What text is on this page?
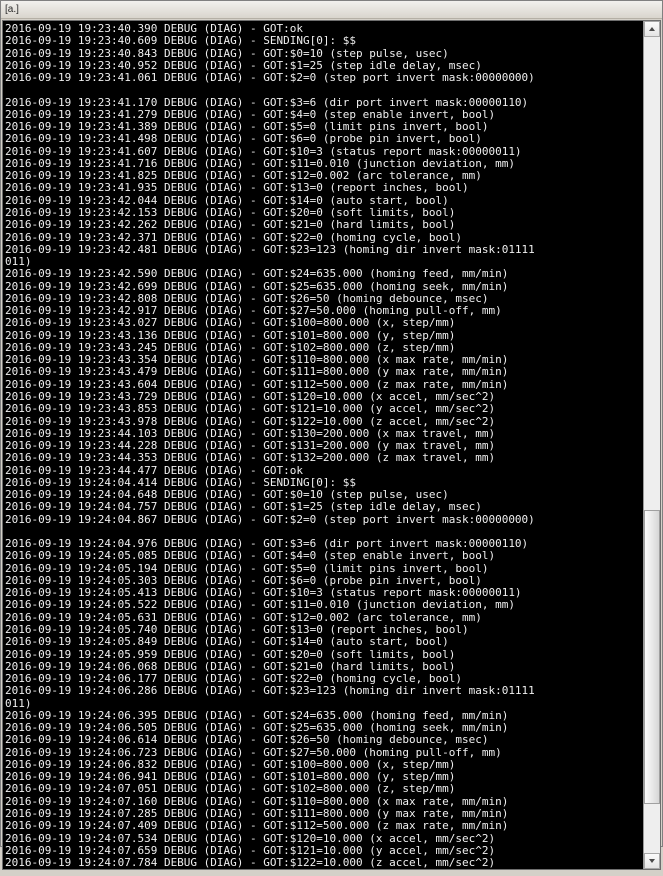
[a.]
2016-09-19 19:23:40.390 DEBUG (DIAG) - GOT:ok
2016-09-19 19:23:40.609 DEBUG (DIAG) - SENDING[0]: $$
2016-09-19 19:23:40.843 DEBUG (DIAG) - GOT:$0=10 (step pulse, usec)
2016-09-19 19:23:40.952 DEBUG (DIAG) - GOT:$1=25 (step idle delay, msec)
2016-09-19 19:23:41.061 DEBUG (DIAG) - GOT:$2=0 (step port invert mask:00000000)

2016-09-19 19:23:41.170 DEBUG (DIAG) - GOT:$3=6 (dir port invert mask:00000110)
2016-09-19 19:23:41.279 DEBUG (DIAG) - GOT:$4=0 (step enable invert, bool)
2016-09-19 19:23:41.389 DEBUG (DIAG) - GOT:$5=0 (limit pins invert, bool)
2016-09-19 19:23:41.498 DEBUG (DIAG) - GOT:$6=0 (probe pin invert, bool)
2016-09-19 19:23:41.607 DEBUG (DIAG) - GOT:$10=3 (status report mask:00000011)
2016-09-19 19:23:41.716 DEBUG (DIAG) - GOT:$11=0.010 (junction deviation, mm)
2016-09-19 19:23:41.825 DEBUG (DIAG) - GOT:$12=0.002 (arc tolerance, mm)
2016-09-19 19:23:41.935 DEBUG (DIAG) - GOT:$13=0 (report inches, bool)
2016-09-19 19:23:42.044 DEBUG (DIAG) - GOT:$14=0 (auto start, bool)
2016-09-19 19:23:42.153 DEBUG (DIAG) - GOT:$20=0 (soft limits, bool)
2016-09-19 19:23:42.262 DEBUG (DIAG) - GOT:$21=0 (hard limits, bool)
2016-09-19 19:23:42.371 DEBUG (DIAG) - GOT:$22=0 (homing cycle, bool)
2016-09-19 19:23:42.481 DEBUG (DIAG) - GOT:$23=123 (homing dir invert mask:01111
011)
2016-09-19 19:23:42.590 DEBUG (DIAG) - GOT:$24=635.000 (homing feed, mm/min)
2016-09-19 19:23:42.699 DEBUG (DIAG) - GOT:$25=635.000 (homing seek, mm/min)
2016-09-19 19:23:42.808 DEBUG (DIAG) - GOT:$26=50 (homing debounce, msec)
2016-09-19 19:23:42.917 DEBUG (DIAG) - GOT:$27=50.000 (homing pull-off, mm)
2016-09-19 19:23:43.027 DEBUG (DIAG) - GOT:$100=800.000 (x, step/mm)
2016-09-19 19:23:43.136 DEBUG (DIAG) - GOT:$101=800.000 (y, step/mm)
2016-09-19 19:23:43.245 DEBUG (DIAG) - GOT:$102=800.000 (z, step/mm)
2016-09-19 19:23:43.354 DEBUG (DIAG) - GOT:$110=800.000 (x max rate, mm/min)
2016-09-19 19:23:43.479 DEBUG (DIAG) - GOT:$111=800.000 (y max rate, mm/min)
2016-09-19 19:23:43.604 DEBUG (DIAG) - GOT:$112=500.000 (z max rate, mm/min)
2016-09-19 19:23:43.729 DEBUG (DIAG) - GOT:$120=10.000 (x accel, mm/sec^2)
2016-09-19 19:23:43.853 DEBUG (DIAG) - GOT:$121=10.000 (y accel, mm/sec^2)
2016-09-19 19:23:43.978 DEBUG (DIAG) - GOT:$122=10.000 (z accel, mm/sec^2)
2016-09-19 19:23:44.103 DEBUG (DIAG) - GOT:$130=200.000 (x max travel, mm)
2016-09-19 19:23:44.228 DEBUG (DIAG) - GOT:$131=200.000 (y max travel, mm)
2016-09-19 19:23:44.353 DEBUG (DIAG) - GOT:$132=200.000 (z max travel, mm)
2016-09-19 19:23:44.477 DEBUG (DIAG) - GOT:ok
2016-09-19 19:24:04.414 DEBUG (DIAG) - SENDING[0]: $$
2016-09-19 19:24:04.648 DEBUG (DIAG) - GOT:$0=10 (step pulse, usec)
2016-09-19 19:24:04.757 DEBUG (DIAG) - GOT:$1=25 (step idle delay, msec)
2016-09-19 19:24:04.867 DEBUG (DIAG) - GOT:$2=0 (step port invert mask:00000000)

2016-09-19 19:24:04.976 DEBUG (DIAG) - GOT:$3=6 (dir port invert mask:00000110)
2016-09-19 19:24:05.085 DEBUG (DIAG) - GOT:$4=0 (step enable invert, bool)
2016-09-19 19:24:05.194 DEBUG (DIAG) - GOT:$5=0 (limit pins invert, bool)
2016-09-19 19:24:05.303 DEBUG (DIAG) - GOT:$6=0 (probe pin invert, bool)
2016-09-19 19:24:05.413 DEBUG (DIAG) - GOT:$10=3 (status report mask:00000011)
2016-09-19 19:24:05.522 DEBUG (DIAG) - GOT:$11=0.010 (junction deviation, mm)
2016-09-19 19:24:05.631 DEBUG (DIAG) - GOT:$12=0.002 (arc tolerance, mm)
2016-09-19 19:24:05.740 DEBUG (DIAG) - GOT:$13=0 (report inches, bool)
2016-09-19 19:24:05.849 DEBUG (DIAG) - GOT:$14=0 (auto start, bool)
2016-09-19 19:24:05.959 DEBUG (DIAG) - GOT:$20=0 (soft limits, bool)
2016-09-19 19:24:06.068 DEBUG (DIAG) - GOT:$21=0 (hard limits, bool)
2016-09-19 19:24:06.177 DEBUG (DIAG) - GOT:$22=0 (homing cycle, bool)
2016-09-19 19:24:06.286 DEBUG (DIAG) - GOT:$23=123 (homing dir invert mask:01111
011)
2016-09-19 19:24:06.395 DEBUG (DIAG) - GOT:$24=635.000 (homing feed, mm/min)
2016-09-19 19:24:06.505 DEBUG (DIAG) - GOT:$25=635.000 (homing seek, mm/min)
2016-09-19 19:24:06.614 DEBUG (DIAG) - GOT:$26=50 (homing debounce, msec)
2016-09-19 19:24:06.723 DEBUG (DIAG) - GOT:$27=50.000 (homing pull-off, mm)
2016-09-19 19:24:06.832 DEBUG (DIAG) - GOT:$100=800.000 (x, step/mm)
2016-09-19 19:24:06.941 DEBUG (DIAG) - GOT:$101=800.000 (y, step/mm)
2016-09-19 19:24:07.051 DEBUG (DIAG) - GOT:$102=800.000 (z, step/mm)
2016-09-19 19:24:07.160 DEBUG (DIAG) - GOT:$110=800.000 (x max rate, mm/min)
2016-09-19 19:24:07.285 DEBUG (DIAG) - GOT:$111=800.000 (y max rate, mm/min)
2016-09-19 19:24:07.409 DEBUG (DIAG) - GOT:$112=500.000 (z max rate, mm/min)
2016-09-19 19:24:07.534 DEBUG (DIAG) - GOT:$120=10.000 (x accel, mm/sec^2)
2016-09-19 19:24:07.659 DEBUG (DIAG) - GOT:$121=10.000 (y accel, mm/sec^2)
2016-09-19 19:24:07.784 DEBUG (DIAG) - GOT:$122=10.000 (z accel, mm/sec^2)
